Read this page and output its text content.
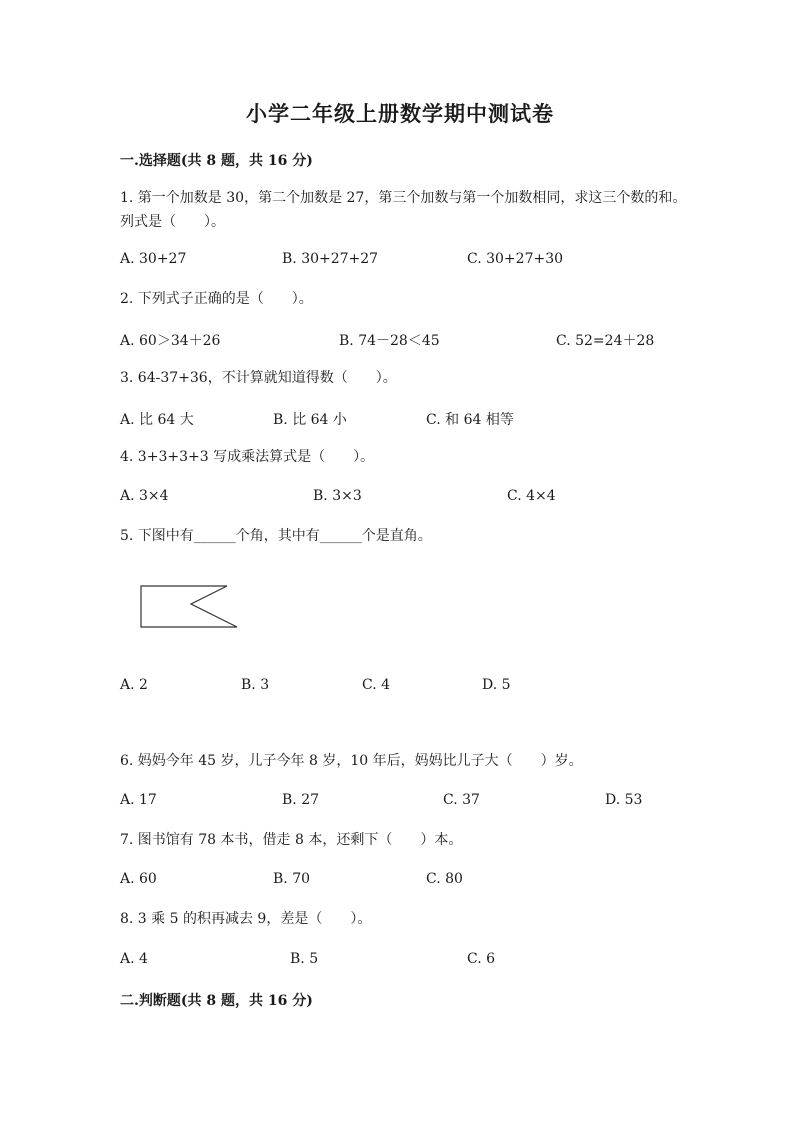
小学二年级上册数学期中测试卷
一.选择题(共 8 题，共 16 分)
1. 第一个加数是 30，第二个加数是 27，第三个加数与第一个加数相同，求这三个数的和。列式是（　　）。
A. 30+27	B. 30+27+27	C. 30+27+30
2. 下列式子正确的是（　　）。
A. 60＞34＋26	B. 74－28＜45	C. 52=24＋28
3. 64-37+36，不计算就知道得数（　　）。
A. 比 64 大	B. 比 64 小	C. 和 64 相等
4. 3+3+3+3 写成乘法算式是（　　）。
A. 3×4	B. 3×3	C. 4×4
5. 下图中有______个角，其中有______个是直角。
A. 2	B. 3	C. 4	D. 5
6. 妈妈今年 45 岁，儿子今年 8 岁，10 年后，妈妈比儿子大（　　）岁。
A. 17	B. 27	C. 37	D. 53
7. 图书馆有 78 本书，借走 8 本，还剩下（　　）本。
A. 60	B. 70	C. 80
8. 3 乘 5 的积再减去 9，差是（　　）。
A. 4	B. 5	C. 6
二.判断题(共 8 题，共 16 分)
